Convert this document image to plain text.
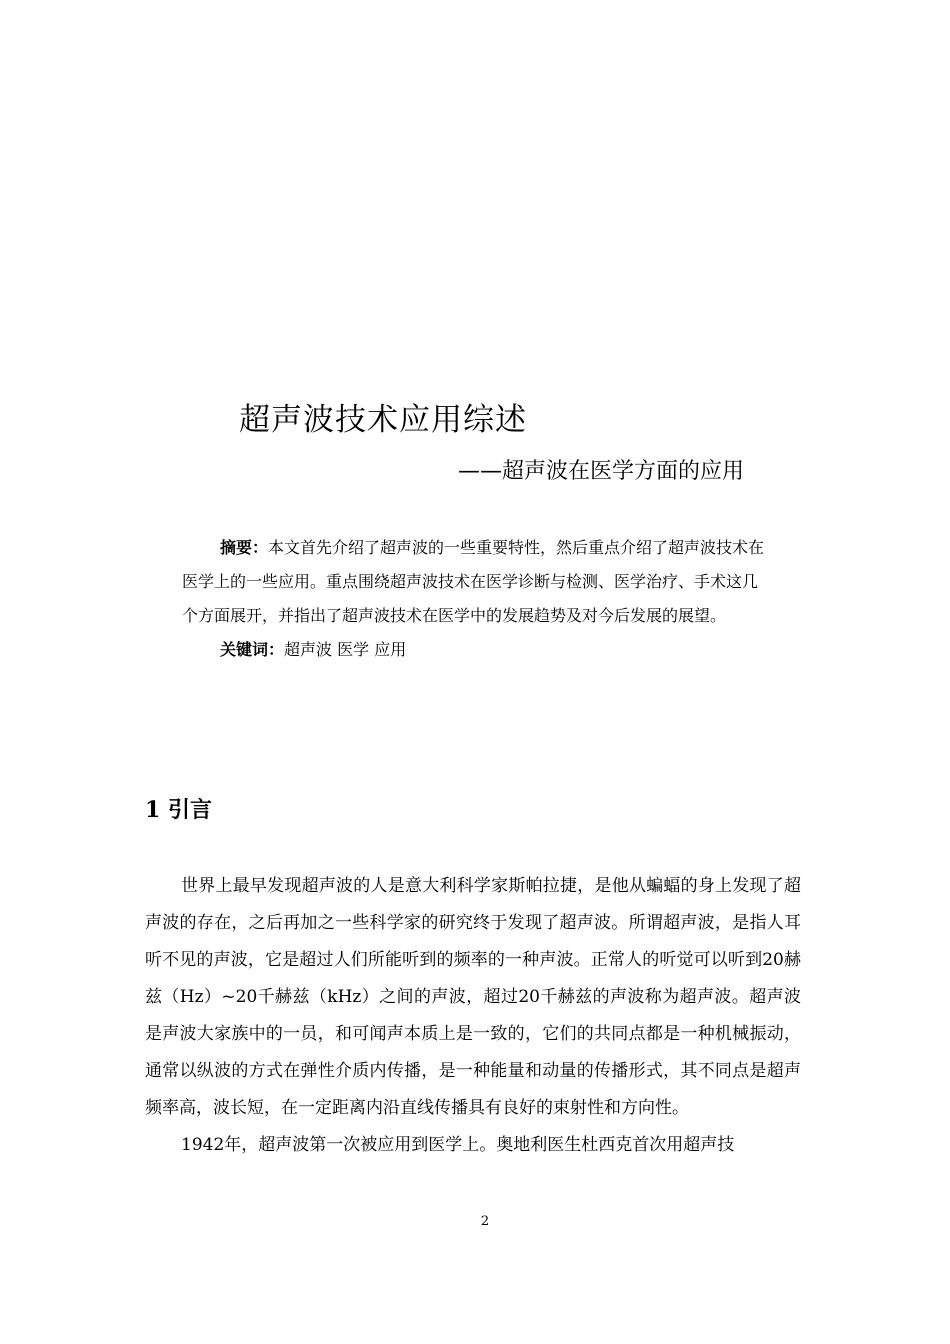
超声波技术应用综述
——超声波在医学方面的应用

摘要：本文首先介绍了超声波的一些重要特性，然后重点介绍了超声波技术在医学上的一些应用。重点围绕超声波技术在医学诊断与检测、医学治疗、手术这几个方面展开，并指出了超声波技术在医学中的发展趋势及对今后发展的展望。

关键词：超声波 医学 应用

1 引言

世界上最早发现超声波的人是意大利科学家斯帕拉捷，是他从蝙蝠的身上发现了超声波的存在，之后再加之一些科学家的研究终于发现了超声波。所谓超声波，是指人耳听不见的声波，它是超过人们所能听到的频率的一种声波。正常人的听觉可以听到20赫兹（Hz）~20千赫兹（kHz）之间的声波，超过20千赫兹的声波称为超声波。超声波是声波大家族中的一员，和可闻声本质上是一致的，它们的共同点都是一种机械振动，通常以纵波的方式在弹性介质内传播，是一种能量和动量的传播形式，其不同点是超声频率高，波长短，在一定距离内沿直线传播具有良好的束射性和方向性。

1942年，超声波第一次被应用到医学上。奥地利医生杜西克首次用超声技

2
